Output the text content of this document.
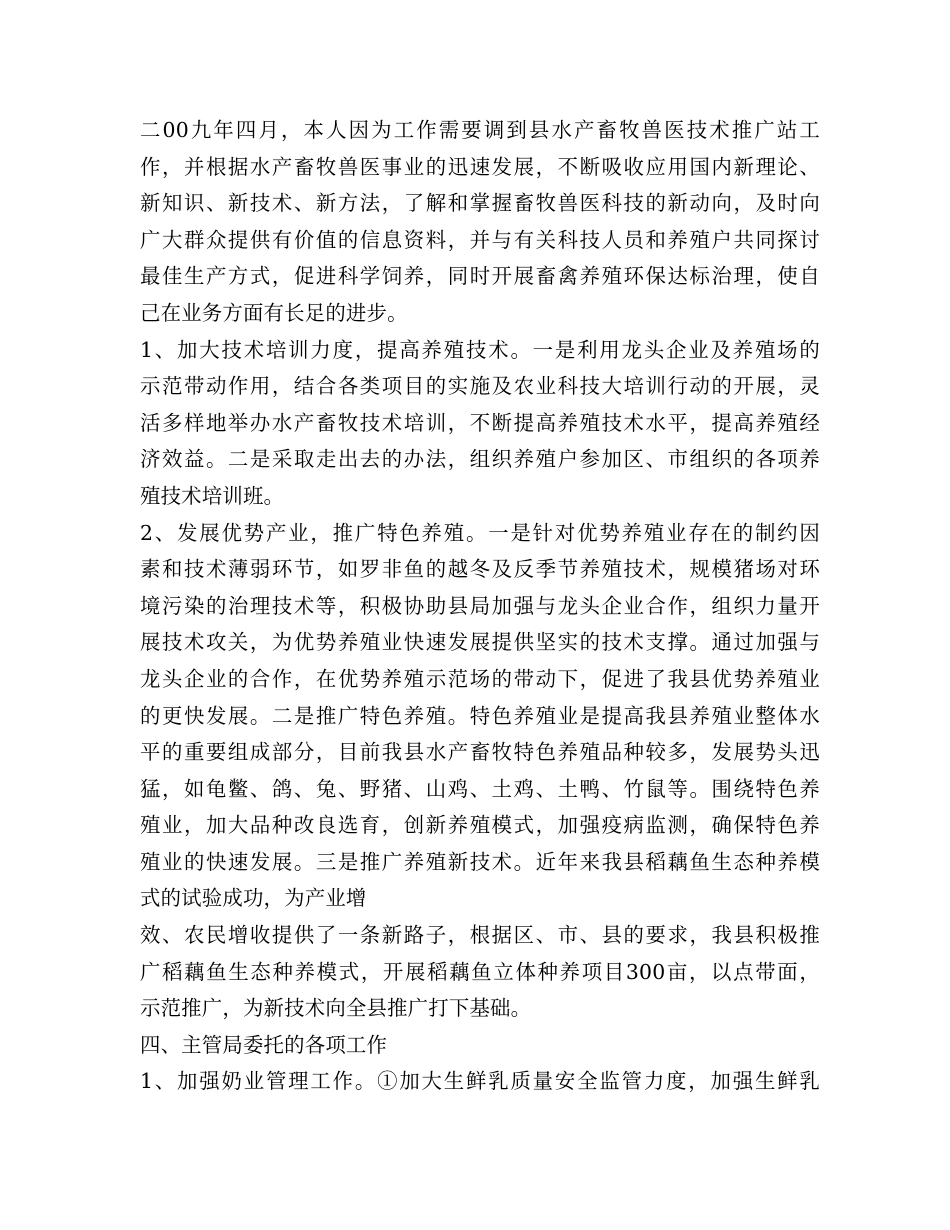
二00九年四月，本人因为工作需要调到县水产畜牧兽医技术推广站工
作，并根据水产畜牧兽医事业的迅速发展，不断吸收应用国内新理论、
新知识、新技术、新方法，了解和掌握畜牧兽医科技的新动向，及时向
广大群众提供有价值的信息资料，并与有关科技人员和养殖户共同探讨
最佳生产方式，促进科学饲养，同时开展畜禽养殖环保达标治理，使自
己在业务方面有长足的进步。
1、加大技术培训力度，提高养殖技术。一是利用龙头企业及养殖场的
示范带动作用，结合各类项目的实施及农业科技大培训行动的开展，灵
活多样地举办水产畜牧技术培训，不断提高养殖技术水平，提高养殖经
济效益。二是采取走出去的办法，组织养殖户参加区、市组织的各项养
殖技术培训班。
2、发展优势产业，推广特色养殖。一是针对优势养殖业存在的制约因
素和技术薄弱环节，如罗非鱼的越冬及反季节养殖技术，规模猪场对环
境污染的治理技术等，积极协助县局加强与龙头企业合作，组织力量开
展技术攻关，为优势养殖业快速发展提供坚实的技术支撑。通过加强与
龙头企业的合作，在优势养殖示范场的带动下，促进了我县优势养殖业
的更快发展。二是推广特色养殖。特色养殖业是提高我县养殖业整体水
平的重要组成部分，目前我县水产畜牧特色养殖品种较多，发展势头迅
猛，如龟鳖、鸽、兔、野猪、山鸡、土鸡、土鸭、竹鼠等。围绕特色养
殖业，加大品种改良选育，创新养殖模式，加强疫病监测，确保特色养
殖业的快速发展。三是推广养殖新技术。近年来我县稻藕鱼生态种养模
式的试验成功，为产业增
效、农民增收提供了一条新路子，根据区、市、县的要求，我县积极推
广稻藕鱼生态种养模式，开展稻藕鱼立体种养项目300亩，以点带面，
示范推广，为新技术向全县推广打下基础。
四、主管局委托的各项工作
1、加强奶业管理工作。①加大生鲜乳质量安全监管力度，加强生鲜乳
